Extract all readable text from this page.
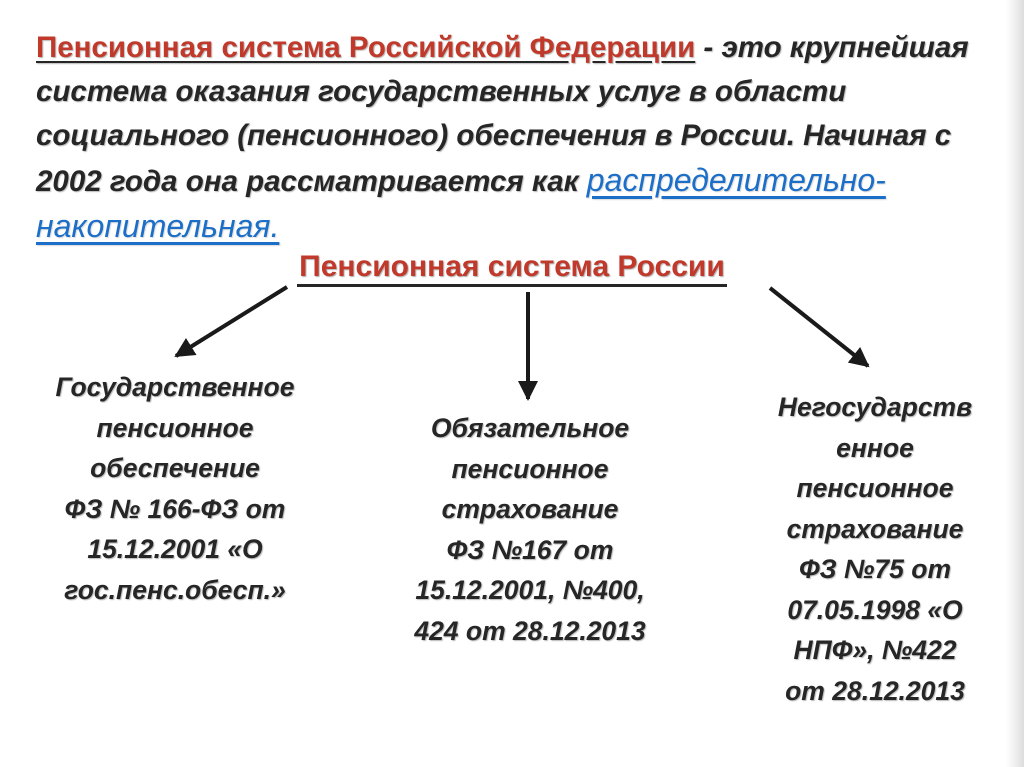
Пенсионная система Российской Федерации - это крупнейшая система оказания государственных услуг в области социального (пенсионного) обеспечения в России. Начиная с 2002 года она рассматривается как распределительно-накопительная.

Пенсионная система России
Государственное
пенсионное
обеспечение
ФЗ № 166-ФЗ от
15.12.2001 «О
гос.пенс.обесп.»
Обязательное
пенсионное
страхование
ФЗ №167 от
15.12.2001, №400,
424 от 28.12.2013
Негосударств
енное
пенсионное
страхование
ФЗ №75 от
07.05.1998 «О
НПФ», №422
от 28.12.2013
